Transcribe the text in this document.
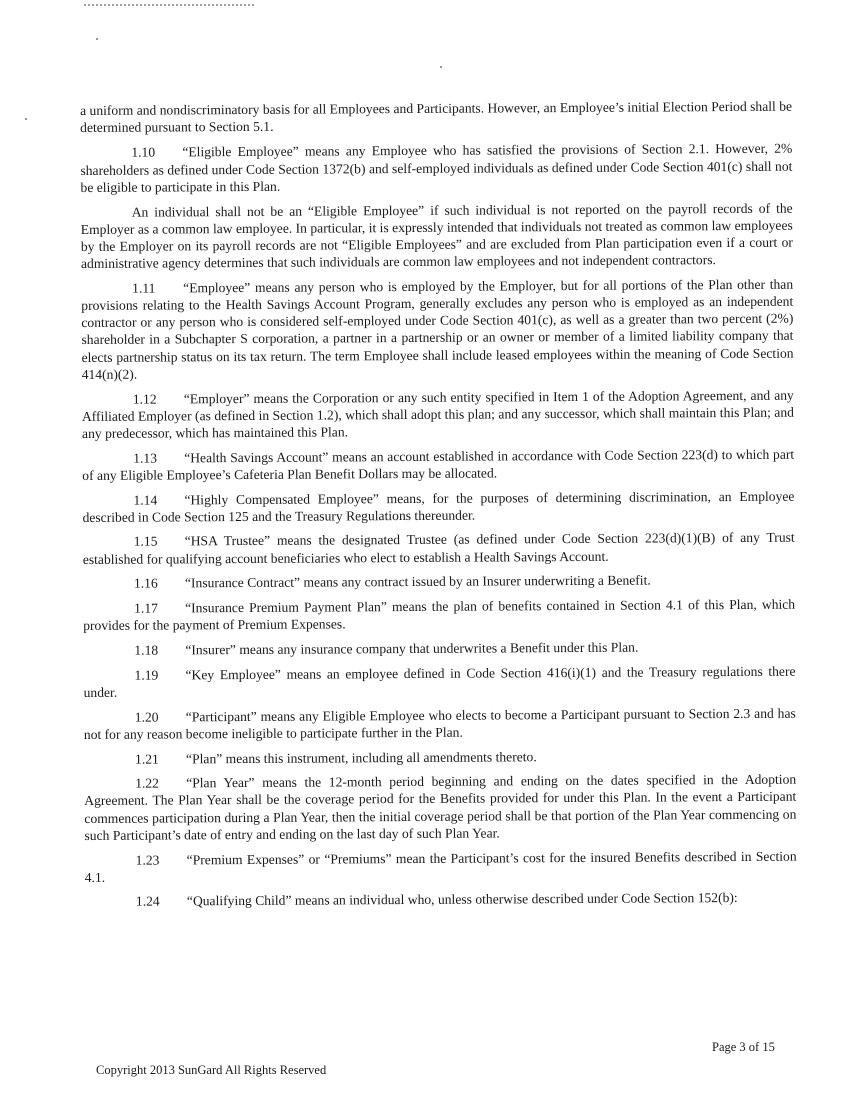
a uniform and nondiscriminatory basis for all Employees and Participants. However, an Employee’s initial Election Period shall be determined pursuant to Section 5.1.

1.10 “Eligible Employee” means any Employee who has satisfied the provisions of Section 2.1. However, 2% shareholders as defined under Code Section 1372(b) and self-employed individuals as defined under Code Section 401(c) shall not be eligible to participate in this Plan.

An individual shall not be an “Eligible Employee” if such individual is not reported on the payroll records of the Employer as a common law employee. In particular, it is expressly intended that individuals not treated as common law employees by the Employer on its payroll records are not “Eligible Employees” and are excluded from Plan participation even if a court or administrative agency determines that such individuals are common law employees and not independent contractors.

1.11 “Employee” means any person who is employed by the Employer, but for all portions of the Plan other than provisions relating to the Health Savings Account Program, generally excludes any person who is employed as an independent contractor or any person who is considered self-employed under Code Section 401(c), as well as a greater than two percent (2%) shareholder in a Subchapter S corporation, a partner in a partnership or an owner or member of a limited liability company that elects partnership status on its tax return. The term Employee shall include leased employees within the meaning of Code Section 414(n)(2).

1.12 “Employer” means the Corporation or any such entity specified in Item 1 of the Adoption Agreement, and any Affiliated Employer (as defined in Section 1.2), which shall adopt this plan; and any successor, which shall maintain this Plan; and any predecessor, which has maintained this Plan.

1.13 “Health Savings Account” means an account established in accordance with Code Section 223(d) to which part of any Eligible Employee’s Cafeteria Plan Benefit Dollars may be allocated.

1.14 “Highly Compensated Employee” means, for the purposes of determining discrimination, an Employee described in Code Section 125 and the Treasury Regulations thereunder.

1.15 “HSA Trustee” means the designated Trustee (as defined under Code Section 223(d)(1)(B) of any Trust established for qualifying account beneficiaries who elect to establish a Health Savings Account.

1.16 “Insurance Contract” means any contract issued by an Insurer underwriting a Benefit.

1.17 “Insurance Premium Payment Plan” means the plan of benefits contained in Section 4.1 of this Plan, which provides for the payment of Premium Expenses.

1.18 “Insurer” means any insurance company that underwrites a Benefit under this Plan.

1.19 “Key Employee” means an employee defined in Code Section 416(i)(1) and the Treasury regulations there under.

1.20 “Participant” means any Eligible Employee who elects to become a Participant pursuant to Section 2.3 and has not for any reason become ineligible to participate further in the Plan.

1.21 “Plan” means this instrument, including all amendments thereto.

1.22 “Plan Year” means the 12-month period beginning and ending on the dates specified in the Adoption Agreement. The Plan Year shall be the coverage period for the Benefits provided for under this Plan. In the event a Participant commences participation during a Plan Year, then the initial coverage period shall be that portion of the Plan Year commencing on such Participant’s date of entry and ending on the last day of such Plan Year.

1.23 “Premium Expenses” or “Premiums” mean the Participant’s cost for the insured Benefits described in Section 4.1.

1.24 “Qualifying Child” means an individual who, unless otherwise described under Code Section 152(b):

Page 3 of 15
Copyright 2013 SunGard All Rights Reserved
